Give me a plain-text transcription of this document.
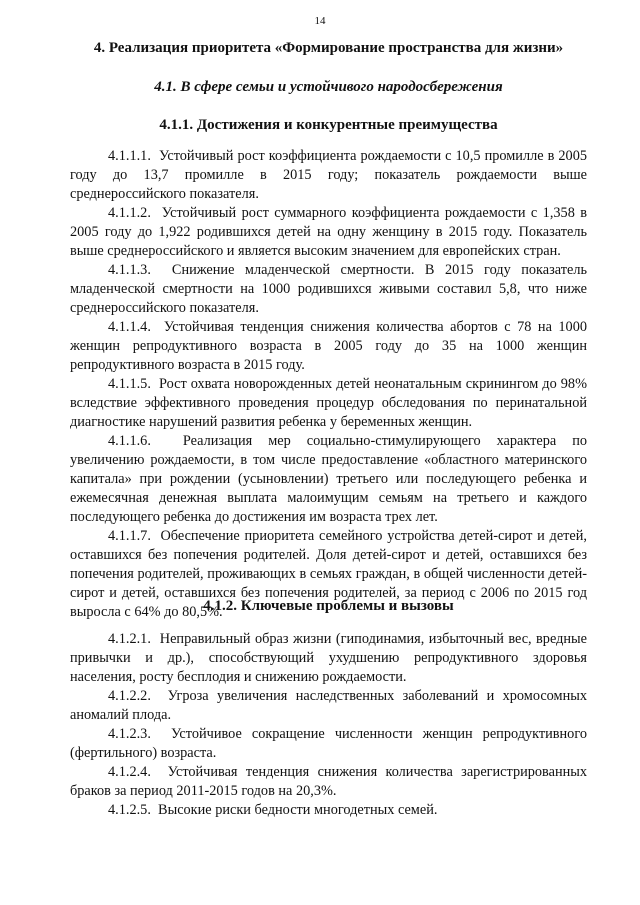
14
4. Реализация приоритета «Формирование пространства для жизни»
4.1. В сфере семьи и устойчивого народосбережения
4.1.1. Достижения и конкурентные преимущества

4.1.1.1. Устойчивый рост коэффициента рождаемости с 10,5 промилле в 2005 году до 13,7 промилле в 2015 году; показатель рождаемости выше среднероссийского показателя.

4.1.1.2. Устойчивый рост суммарного коэффициента рождаемости с 1,358 в 2005 году до 1,922 родившихся детей на одну женщину в 2015 году. Показатель выше среднероссийского и является высоким значением для европейских стран.

4.1.1.3. Снижение младенческой смертности. В 2015 году показатель младенческой смертности на 1000 родившихся живыми составил 5,8, что ниже среднероссийского показателя.

4.1.1.4. Устойчивая тенденция снижения количества абортов с 78 на 1000 женщин репродуктивного возраста в 2005 году до 35 на 1000 женщин репродуктивного возраста в 2015 году.

4.1.1.5. Рост охвата новорожденных детей неонатальным скринингом до 98% вследствие эффективного проведения процедур обследования по перинатальной диагностике нарушений развития ребенка у беременных женщин.

4.1.1.6. Реализация мер социально-стимулирующего характера по увеличению рождаемости, в том числе предоставление «областного материнского капитала» при рождении (усыновлении) третьего или последующего ребенка и ежемесячная денежная выплата малоимущим семьям на третьего и каждого последующего ребенка до достижения им возраста трех лет.

4.1.1.7. Обеспечение приоритета семейного устройства детей-сирот и детей, оставшихся без попечения родителей. Доля детей-сирот и детей, оставшихся без попечения родителей, проживающих в семьях граждан, в общей численности детей-сирот и детей, оставшихся без попечения родителей, за период с 2006 по 2015 год выросла с 64% до 80,5%.

4.1.2. Ключевые проблемы и вызовы

4.1.2.1. Неправильный образ жизни (гиподинамия, избыточный вес, вредные привычки и др.), способствующий ухудшению репродуктивного здоровья населения, росту бесплодия и снижению рождаемости.

4.1.2.2. Угроза увеличения наследственных заболеваний и хромосомных аномалий плода.

4.1.2.3. Устойчивое сокращение численности женщин репродуктивного (фертильного) возраста.

4.1.2.4. Устойчивая тенденция снижения количества зарегистрированных браков за период 2011-2015 годов на 20,3%.

4.1.2.5. Высокие риски бедности многодетных семей.
